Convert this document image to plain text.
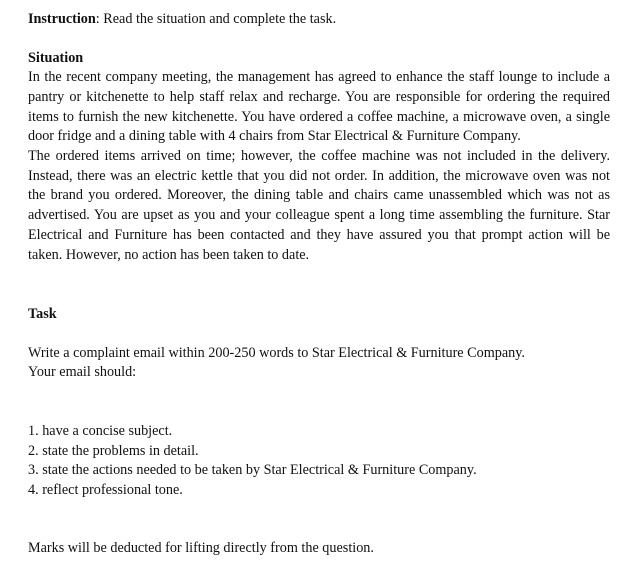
Instruction: Read the situation and complete the task.

Situation

In the recent company meeting, the management has agreed to enhance the staff lounge to include a pantry or kitchenette to help staff relax and recharge. You are responsible for ordering the required items to furnish the new kitchenette. You have ordered a coffee machine, a microwave oven, a single door fridge and a dining table with 4 chairs from Star Electrical & Furniture Company.

The ordered items arrived on time; however, the coffee machine was not included in the delivery. Instead, there was an electric kettle that you did not order. In addition, the microwave oven was not the brand you ordered. Moreover, the dining table and chairs came unassembled which was not as advertised. You are upset as you and your colleague spent a long time assembling the furniture. Star Electrical and Furniture has been contacted and they have assured you that prompt action will be taken. However, no action has been taken to date.

Task

Write a complaint email within 200-250 words to Star Electrical & Furniture Company.

Your email should:

1. have a concise subject.
2. state the problems in detail.
3. state the actions needed to be taken by Star Electrical & Furniture Company.
4. reflect professional tone.

Marks will be deducted for lifting directly from the question.
